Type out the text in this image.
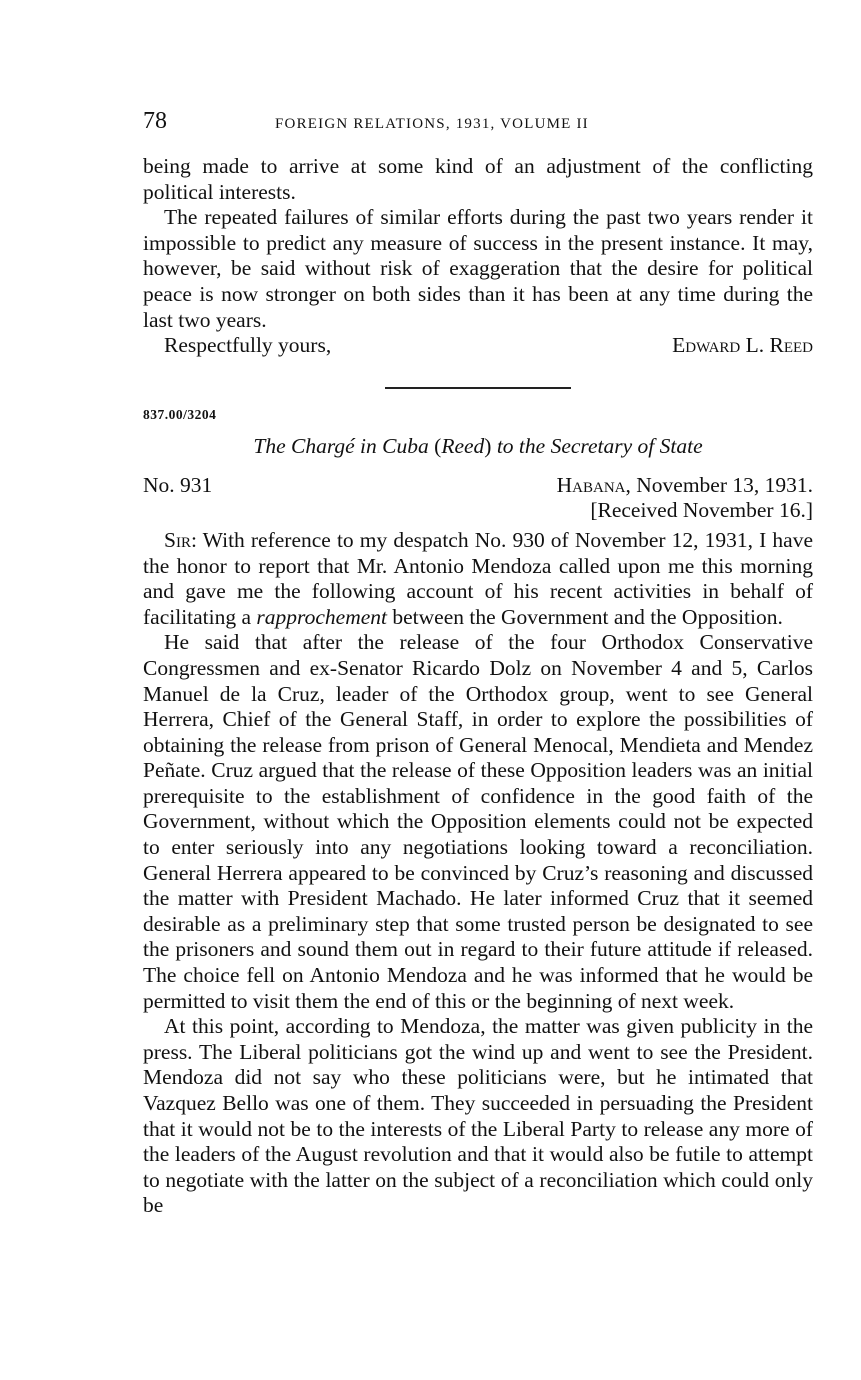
78	FOREIGN RELATIONS, 1931, VOLUME II

being made to arrive at some kind of an adjustment of the conflicting political interests.

The repeated failures of similar efforts during the past two years render it impossible to predict any measure of success in the present instance. It may, however, be said without risk of exaggeration that the desire for political peace is now stronger on both sides than it has been at any time during the last two years.

Respectfully yours,	Edward L. Reed
837.00/3204
The Chargé in Cuba (Reed) to the Secretary of State
No. 931	Habana, November 13, 1931.
[Received November 16.]

Sir: With reference to my despatch No. 930 of November 12, 1931, I have the honor to report that Mr. Antonio Mendoza called upon me this morning and gave me the following account of his recent activities in behalf of facilitating a rapprochement between the Government and the Opposition.

He said that after the release of the four Orthodox Conservative Congressmen and ex-Senator Ricardo Dolz on November 4 and 5, Carlos Manuel de la Cruz, leader of the Orthodox group, went to see General Herrera, Chief of the General Staff, in order to explore the possibilities of obtaining the release from prison of General Menocal, Mendieta and Mendez Peñate. Cruz argued that the release of these Opposition leaders was an initial prerequisite to the establishment of confidence in the good faith of the Government, without which the Opposition elements could not be expected to enter seriously into any negotiations looking toward a reconciliation. General Herrera appeared to be convinced by Cruz’s reasoning and discussed the matter with President Machado. He later informed Cruz that it seemed desirable as a preliminary step that some trusted person be designated to see the prisoners and sound them out in regard to their future attitude if released. The choice fell on Antonio Mendoza and he was informed that he would be permitted to visit them the end of this or the beginning of next week.

At this point, according to Mendoza, the matter was given publicity in the press. The Liberal politicians got the wind up and went to see the President. Mendoza did not say who these politicians were, but he intimated that Vazquez Bello was one of them. They succeeded in persuading the President that it would not be to the interests of the Liberal Party to release any more of the leaders of the August revolution and that it would also be futile to attempt to negotiate with the latter on the subject of a reconciliation which could only be
